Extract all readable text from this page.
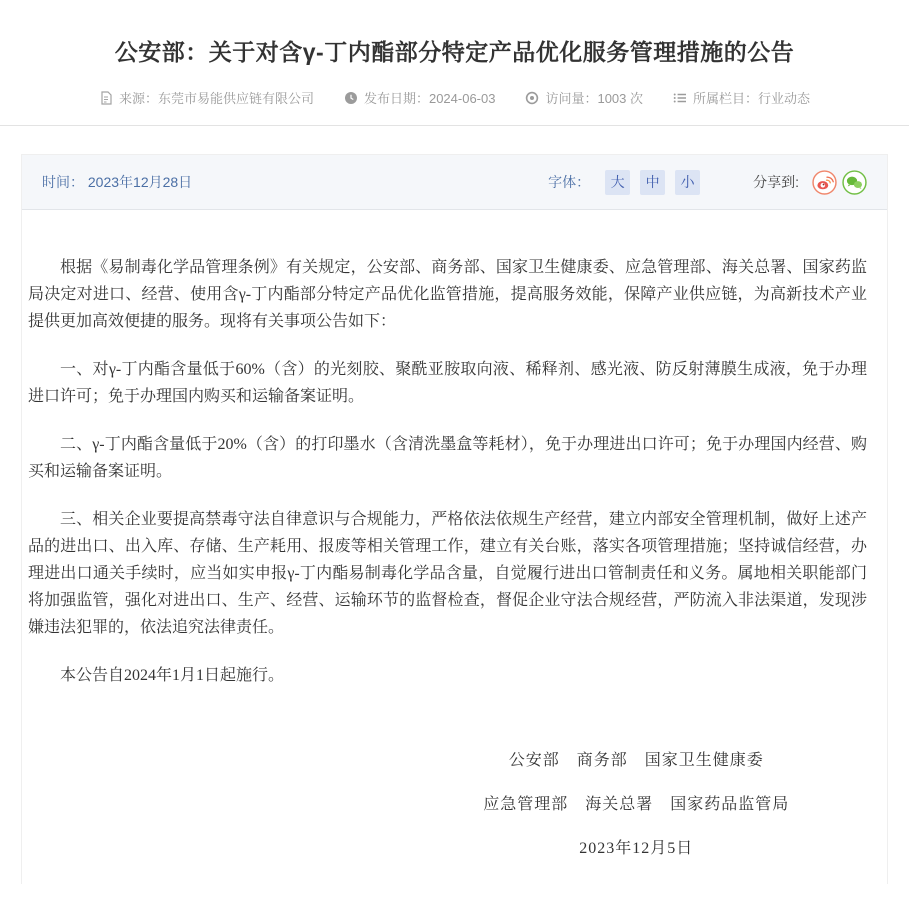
公安部：关于对含γ-丁内酯部分特定产品优化服务管理措施的公告
来源：东莞市易能供应链有限公司	发布日期：2024-06-03	访问量：1003 次	所属栏目：行业动态
时间： 2023年12月28日	字体：	大	中	小	分享到:

根据《易制毒化学品管理条例》有关规定，公安部、商务部、国家卫生健康委、应急管理部、海关总署、国家药监局决定对进口、经营、使用含γ-丁内酯部分特定产品优化监管措施，提高服务效能，保障产业供应链，为高新技术产业提供更加高效便捷的服务。现将有关事项公告如下：

一、对γ-丁内酯含量低于60%（含）的光刻胶、聚酰亚胺取向液、稀释剂、感光液、防反射薄膜生成液，免于办理进口许可；免于办理国内购买和运输备案证明。

二、γ-丁内酯含量低于20%（含）的打印墨水（含清洗墨盒等耗材），免于办理进出口许可；免于办理国内经营、购买和运输备案证明。

三、相关企业要提高禁毒守法自律意识与合规能力，严格依法依规生产经营，建立内部安全管理机制，做好上述产品的进出口、出入库、存储、生产耗用、报废等相关管理工作，建立有关台账，落实各项管理措施；坚持诚信经营，办理进出口通关手续时，应当如实申报γ-丁内酯易制毒化学品含量，自觉履行进出口管制责任和义务。属地相关职能部门将加强监管，强化对进出口、生产、经营、运输环节的监督检查，督促企业守法合规经营，严防流入非法渠道，发现涉嫌违法犯罪的，依法追究法律责任。

本公告自2024年1月1日起施行。

公安部　商务部　国家卫生健康委

应急管理部　海关总署　国家药品监管局

2023年12月5日
